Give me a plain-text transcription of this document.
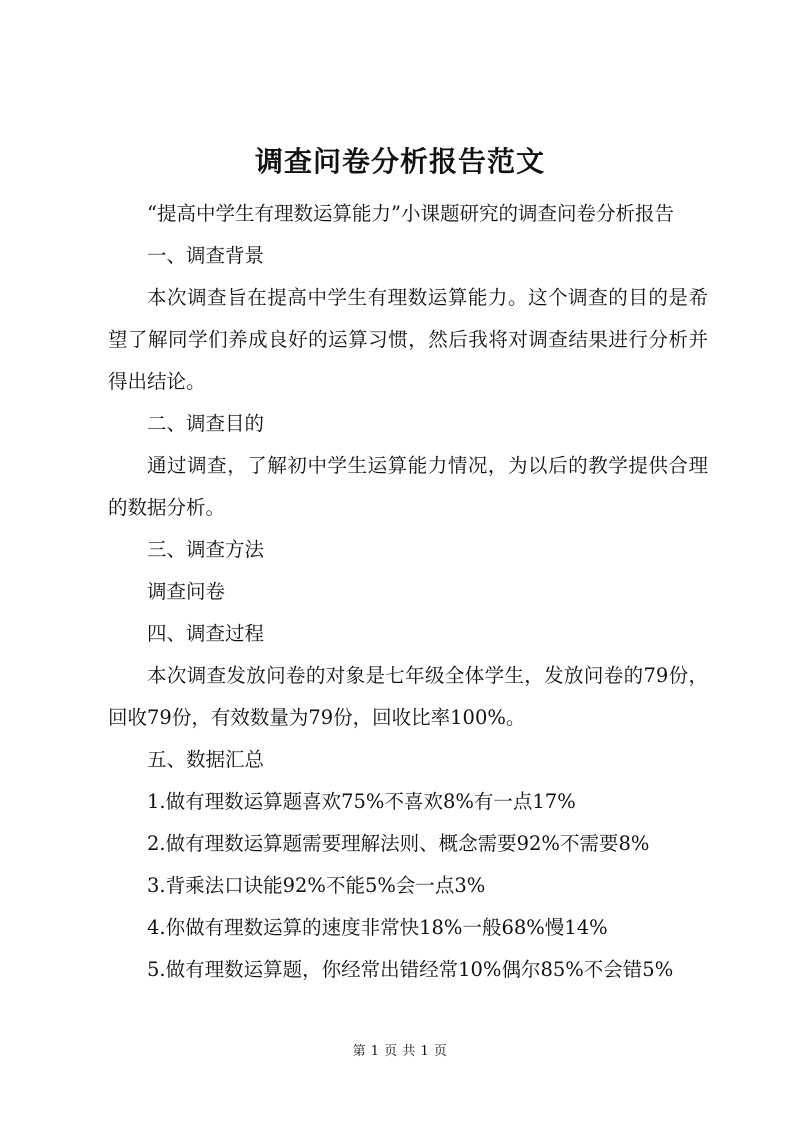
调查问卷分析报告范文

“提高中学生有理数运算能力”小课题研究的调查问卷分析报告

一、调查背景

本次调查旨在提高中学生有理数运算能力。这个调查的目的是希望了解同学们养成良好的运算习惯，然后我将对调查结果进行分析并得出结论。

二、调查目的

通过调查，了解初中学生运算能力情况，为以后的教学提供合理的数据分析。

三、调查方法

调查问卷

四、调查过程

本次调查发放问卷的对象是七年级全体学生，发放问卷的79份，回收79份，有效数量为79份，回收比率100%。

五、数据汇总

1.做有理数运算题喜欢75%不喜欢8%有一点17%

2.做有理数运算题需要理解法则、概念需要92%不需要8%

3.背乘法口诀能92%不能5%会一点3%

4.你做有理数运算的速度非常快18%一般68%慢14%

5.做有理数运算题，你经常出错经常10%偶尔85%不会错5%

第 1 页 共 1 页
